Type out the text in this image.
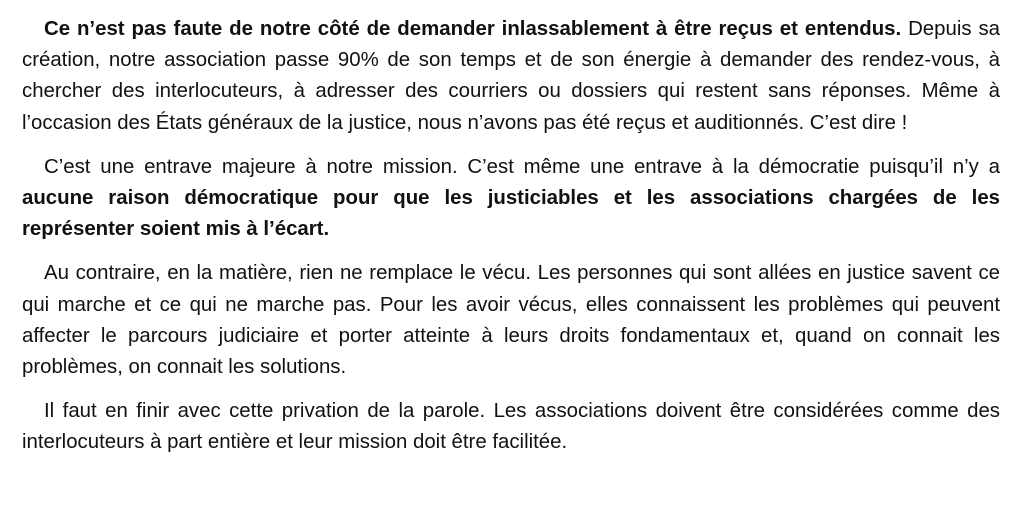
Ce n’est pas faute de notre côté de demander inlassablement à être reçus et entendus. Depuis sa création, notre association passe 90% de son temps et de son énergie à demander des rendez-vous, à chercher des interlocuteurs, à adresser des courriers ou dossiers qui restent sans réponses. Même à l’occasion des États généraux de la justice, nous n’avons pas été reçus et auditionnés. C’est dire !

C’est une entrave majeure à notre mission. C’est même une entrave à la démocratie puisqu’il n’y a aucune raison démocratique pour que les justiciables et les associations chargées de les représenter soient mis à l’écart.

Au contraire, en la matière, rien ne remplace le vécu. Les personnes qui sont allées en justice savent ce qui marche et ce qui ne marche pas. Pour les avoir vécus, elles connaissent les problèmes qui peuvent affecter le parcours judiciaire et porter atteinte à leurs droits fondamentaux et, quand on connait les problèmes, on connait les solutions.

Il faut en finir avec cette privation de la parole. Les associations doivent être considérées comme des interlocuteurs à part entière et leur mission doit être facilitée.
